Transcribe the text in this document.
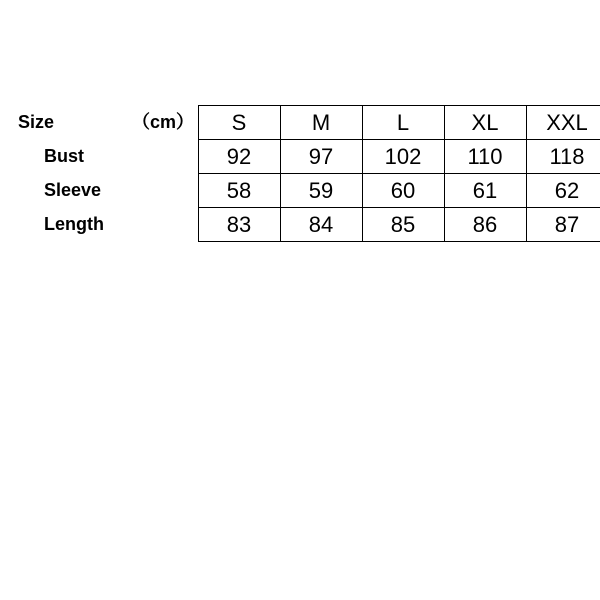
Size （cm）	S	M	L	XL	XXL
Bust	92	97	102	110	118
Sleeve	58	59	60	61	62
Length	83	84	85	86	87
